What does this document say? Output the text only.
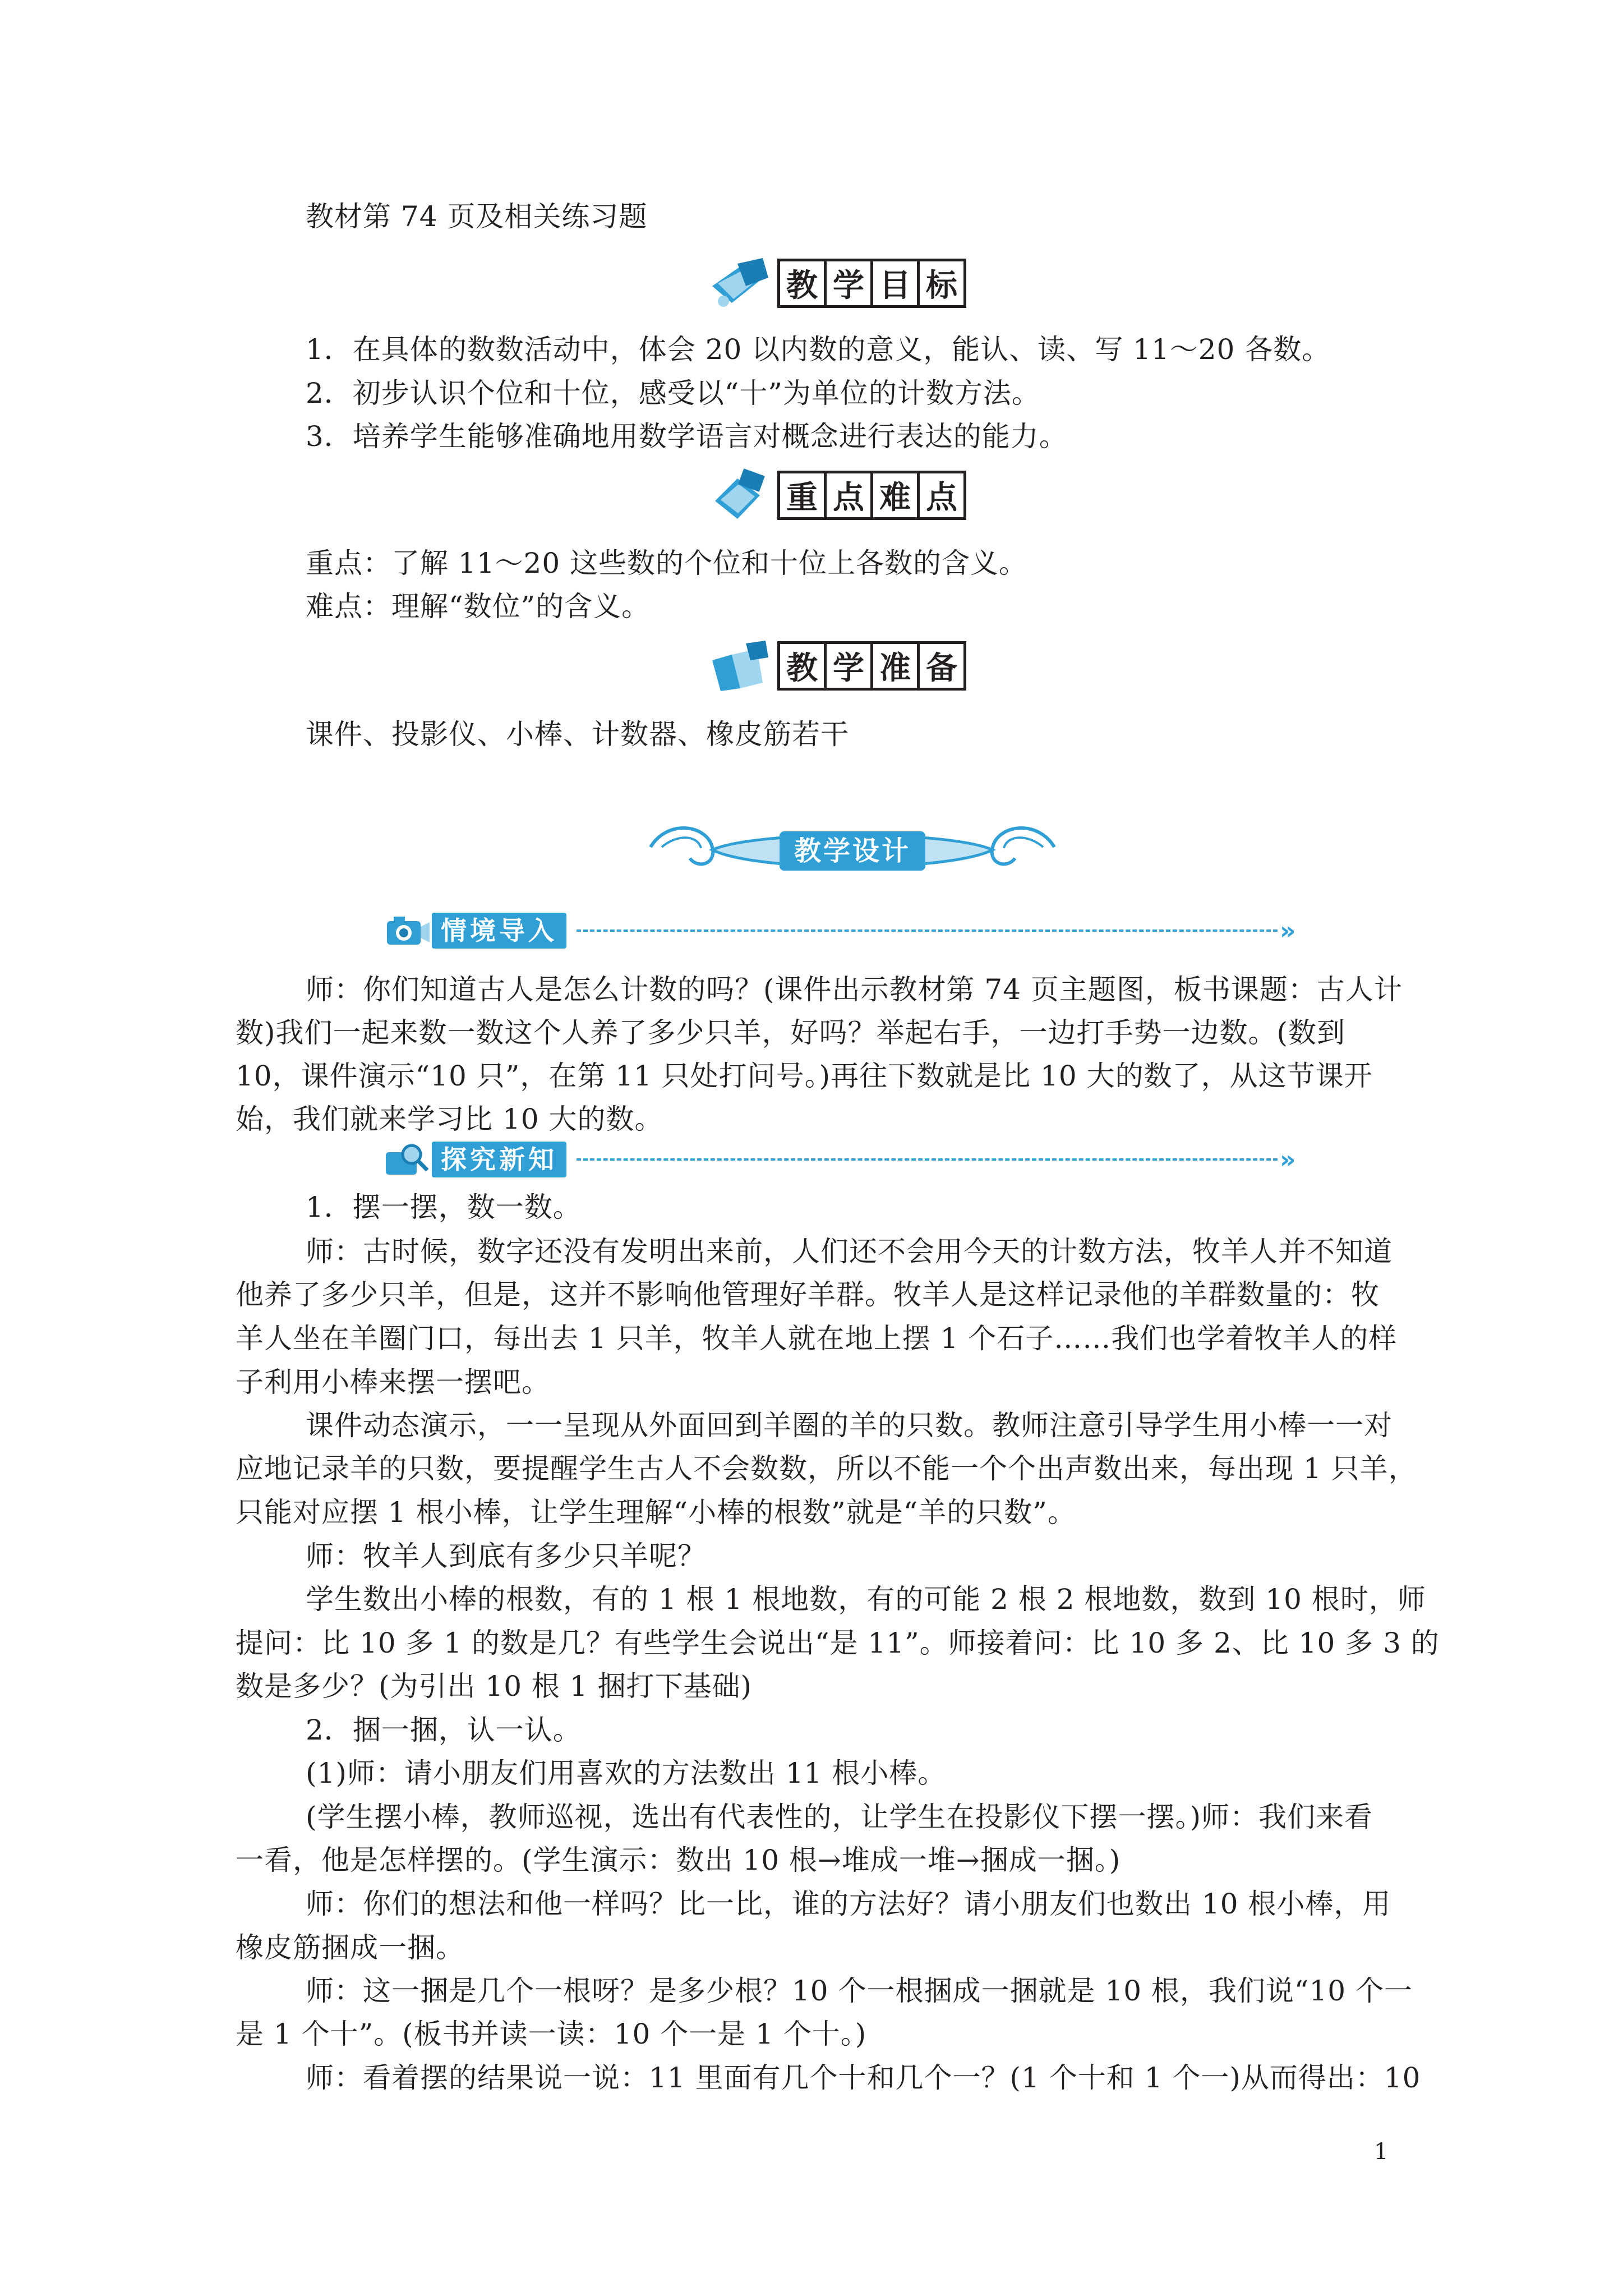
教材第 74 页及相关练习题
教 学 目 标
1．在具体的数数活动中，体会 20 以内数的意义，能认、读、写 11～20 各数。
2．初步认识个位和十位，感受以“十”为单位的计数方法。
3．培养学生能够准确地用数学语言对概念进行表达的能力。
重 点 难 点
重点：了解 11～20 这些数的个位和十位上各数的含义。
难点：理解“数位”的含义。
教 学 准 备
课件、投影仪、小棒、计数器、橡皮筋若干
教学设计
情境导入	»
师：你们知道古人是怎么计数的吗？(课件出示教材第 74 页主题图，板书课题：古人计
数)我们一起来数一数这个人养了多少只羊，好吗？举起右手，一边打手势一边数。(数到
10，课件演示“10 只”，在第 11 只处打问号。)再往下数就是比 10 大的数了，从这节课开
始，我们就来学习比 10 大的数。
探究新知	»
1．摆一摆，数一数。
师：古时候，数字还没有发明出来前，人们还不会用今天的计数方法，牧羊人并不知道
他养了多少只羊，但是，这并不影响他管理好羊群。牧羊人是这样记录他的羊群数量的：牧
羊人坐在羊圈门口，每出去 1 只羊，牧羊人就在地上摆 1 个石子……我们也学着牧羊人的样
子利用小棒来摆一摆吧。
课件动态演示，一一呈现从外面回到羊圈的羊的只数。教师注意引导学生用小棒一一对
应地记录羊的只数，要提醒学生古人不会数数，所以不能一个个出声数出来，每出现 1 只羊，
只能对应摆 1 根小棒，让学生理解“小棒的根数”就是“羊的只数”。
师：牧羊人到底有多少只羊呢？
学生数出小棒的根数，有的 1 根 1 根地数，有的可能 2 根 2 根地数，数到 10 根时，师
提问：比 10 多 1 的数是几？有些学生会说出“是 11”。师接着问：比 10 多 2、比 10 多 3 的
数是多少？(为引出 10 根 1 捆打下基础)
2．捆一捆，认一认。
(1)师：请小朋友们用喜欢的方法数出 11 根小棒。
(学生摆小棒，教师巡视，选出有代表性的，让学生在投影仪下摆一摆。)师：我们来看
一看，他是怎样摆的。(学生演示：数出 10 根→堆成一堆→捆成一捆。)
师：你们的想法和他一样吗？比一比，谁的方法好？请小朋友们也数出 10 根小棒，用
橡皮筋捆成一捆。
师：这一捆是几个一根呀？是多少根？10 个一根捆成一捆就是 10 根，我们说“10 个一
是 1 个十”。(板书并读一读：10 个一是 1 个十。)
师：看着摆的结果说一说：11 里面有几个十和几个一？(1 个十和 1 个一)从而得出：10
1
